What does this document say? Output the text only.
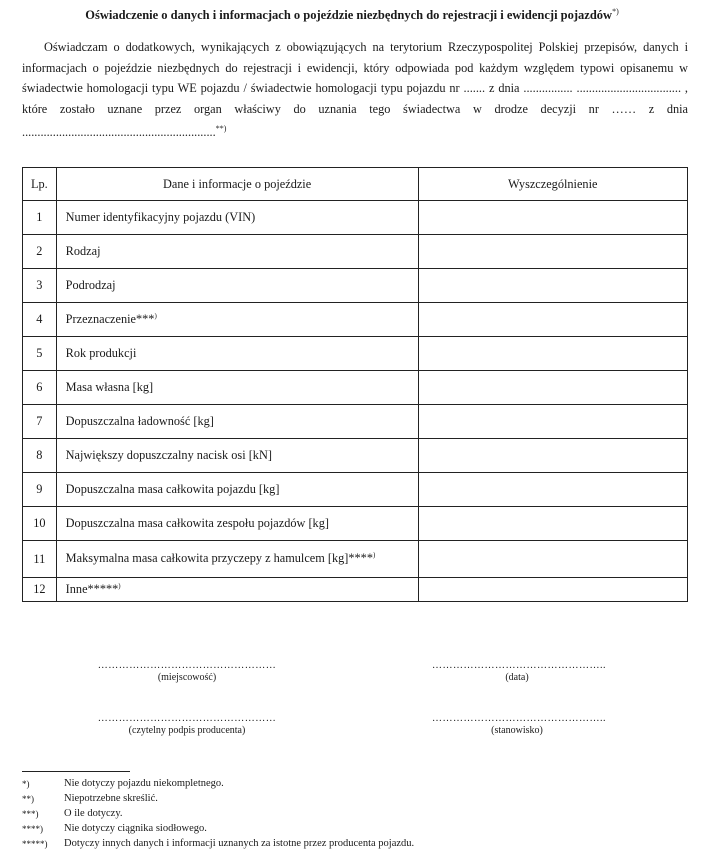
Oświadczenie o danych i informacjach o pojeździe niezbędnych do rejestracji i ewidencji pojazdów*)

Oświadczam o dodatkowych, wynikających z obowiązujących na terytorium Rzeczypospolitej Polskiej przepisów, danych i informacjach o pojeździe niezbędnych do rejestracji i ewidencji, który odpowiada pod każdym względem typowi opisanemu w świadectwie homologacji typu WE pojazdu / świadectwie homologacji typu pojazdu nr ....... z dnia ................ .................................. , które zostało uznane przez organ właściwy do uznania tego świadectwa w drodze decyzji nr …… z dnia ...............................................................**)

Lp.	Dane i informacje o pojeździe	Wyszczególnienie
1	Numer identyfikacyjny pojazdu (VIN)	
2	Rodzaj	
3	Podrodzaj	
4	Przeznaczenie***)	
5	Rok produkcji	
6	Masa własna [kg]	
7	Dopuszczalna ładowność [kg]	
8	Największy dopuszczalny nacisk osi [kN]	
9	Dopuszczalna masa całkowita pojazdu [kg]	
10	Dopuszczalna masa całkowita zespołu pojazdów [kg]	
11	Maksymalna masa całkowita przyczepy z hamulcem [kg]****)	
12	Inne*****)	
……………………………………………
(miejscowość)
…………………………………………..
(data)
……………………………………………
(czytelny podpis producenta)
…………………………………………..
(stanowisko)
*)	Nie dotyczy pojazdu niekompletnego.
**)	Niepotrzebne skreślić.
***) O ile dotyczy.
****) Nie dotyczy ciągnika siodłowego.
*****) Dotyczy innych danych i informacji uznanych za istotne przez producenta pojazdu.
